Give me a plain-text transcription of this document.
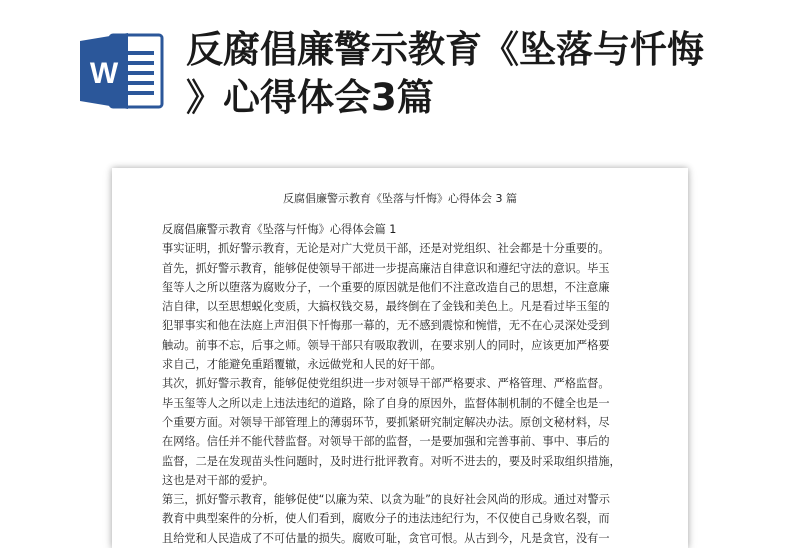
W
反腐倡廉警示教育《坠落与忏悔
》心得体会3篇
反腐倡廉警示教育《坠落与忏悔》心得体会 3 篇

反腐倡廉警示教育《坠落与忏悔》心得体会篇 1

事实证明，抓好警示教育，无论是对广大党员干部，还是对党组织、社会都是十分重要的。

首先，抓好警示教育，能够促使领导干部进一步提高廉洁自律意识和遵纪守法的意识。毕玉

玺等人之所以堕落为腐败分子，一个重要的原因就是他们不注意改造自己的思想，不注意廉

洁自律，以至思想蜕化变质，大搞权钱交易，最终倒在了金钱和美色上。凡是看过毕玉玺的

犯罪事实和他在法庭上声泪俱下忏悔那一幕的，无不感到震惊和惋惜，无不在心灵深处受到

触动。前事不忘，后事之师。领导干部只有吸取教训，在要求别人的同时，应该更加严格要

求自己，才能避免重蹈覆辙，永远做党和人民的好干部。

其次，抓好警示教育，能够促使党组织进一步对领导干部严格要求、严格管理、严格监督。

毕玉玺等人之所以走上违法违纪的道路，除了自身的原因外，监督体制机制的不健全也是一

个重要方面。对领导干部管理上的薄弱环节，要抓紧研究制定解决办法。原创文秘材料，尽

在网络。信任并不能代替监督。对领导干部的监督，一是要加强和完善事前、事中、事后的

监督，二是在发现苗头性问题时，及时进行批评教育。对听不进去的，要及时采取组织措施，

这也是对干部的爱护。

第三，抓好警示教育，能够促使“以廉为荣、以贪为耻”的良好社会风尚的形成。通过对警示

教育中典型案件的分析，使人们看到，腐败分子的违法违纪行为，不仅使自己身败名裂，而

且给党和人民造成了不可估量的损失。腐败可耻，贪官可恨。从古到今，凡是贪官，没有一
